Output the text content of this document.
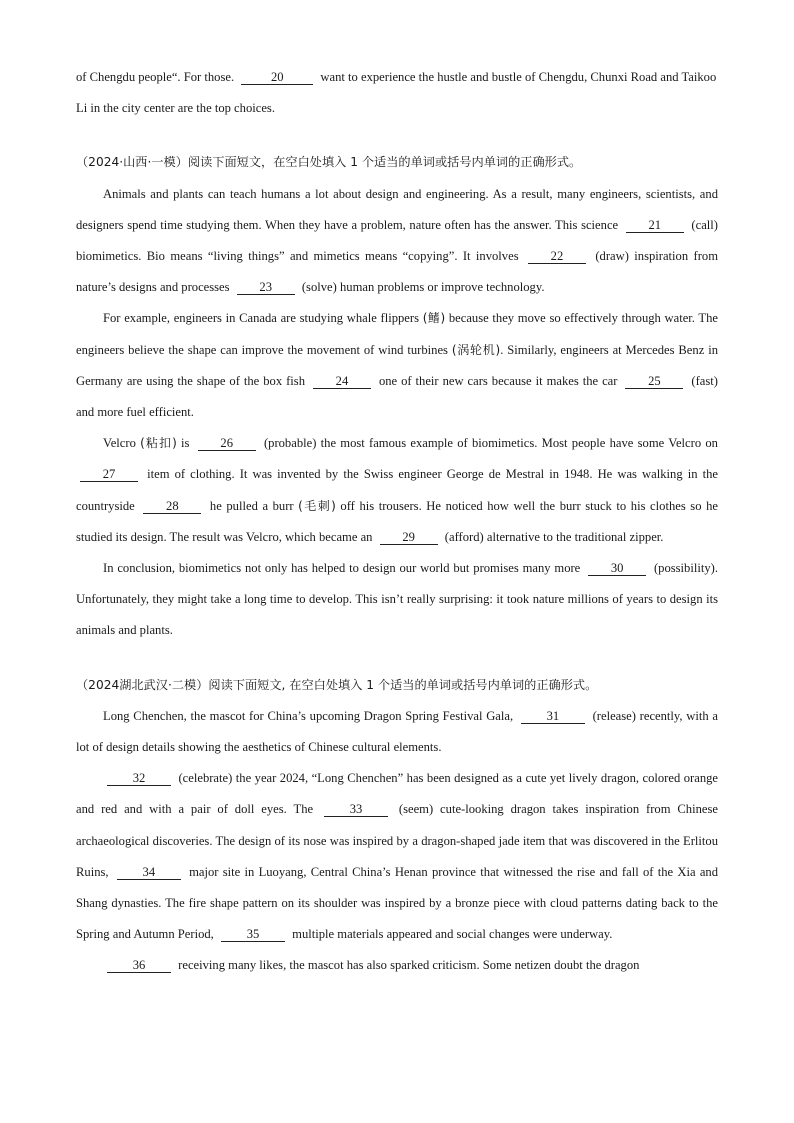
of Chengdu people“. For those.	20	want to experience the hustle and bustle of Chengdu, Chunxi Road and Taikoo Li in the city center are the top choices.

（2024·山西·一模）阅读下面短文，在空白处填入 1 个适当的单词或括号内单词的正确形式。

Animals and plants can teach humans a lot about design and engineering. As a result, many engineers, scientists, and designers spend time studying them. When they have a problem, nature often has the answer. This science 21 (call) biomimetics. Bio means “living things” and mimetics means “copying”. It involves	22	(draw) inspiration from nature’s designs and processes 23 (solve) human problems or improve technology.

For example, engineers in Canada are studying whale flippers (鳍) because they move so effectively through water. The engineers believe the shape can improve the movement of wind turbines (涡轮机). Similarly, engineers at Mercedes Benz in Germany are using the shape of the box fish 24 one of their new cars because it makes the car 25 (fast) and more fuel efficient.

Velcro (粘扣) is 26 (probable) the most famous example of biomimetics. Most people have some Velcro on 27	item of clothing. It was invented by the Swiss engineer George de Mestral in 1948. He was walking in the countryside 28 he pulled a burr (毛刺) off his trousers. He noticed how well the burr stuck to his clothes so he studied its design. The result was Velcro, which became an 29 (afford) alternative to the traditional zipper.

In conclusion, biomimetics not only has helped to design our world but promises many more 30 (possibility). Unfortunately, they might take a long time to develop. This isn’t really surprising: it took nature millions of years to design its animals and plants.

（2024湖北武汉·二模）阅读下面短文, 在空白处填入 1 个适当的单词或括号内单词的正确形式。

Long Chenchen, the mascot for China’s upcoming Dragon Spring Festival Gala,	31	(release) recently, with a lot of design details showing the aesthetics of Chinese cultural elements.

32	(celebrate) the year 2024, “Long Chenchen” has been designed as a cute yet lively dragon, colored orange and red and with a pair of doll eyes. The	33	(seem) cute-looking dragon takes inspiration from Chinese archaeological discoveries. The design of its nose was inspired by a dragon-shaped jade item that was discovered in the Erlitou Ruins,	34	major site in Luoyang, Central China’s Henan province that witnessed the rise and fall of the Xia and Shang dynasties. The fire shape pattern on its shoulder was inspired by a bronze piece with cloud patterns dating back to the Spring and Autumn Period,	35	multiple materials appeared and social changes were underway.

36	receiving many likes, the mascot has also sparked criticism. Some netizen doubt the dragon
